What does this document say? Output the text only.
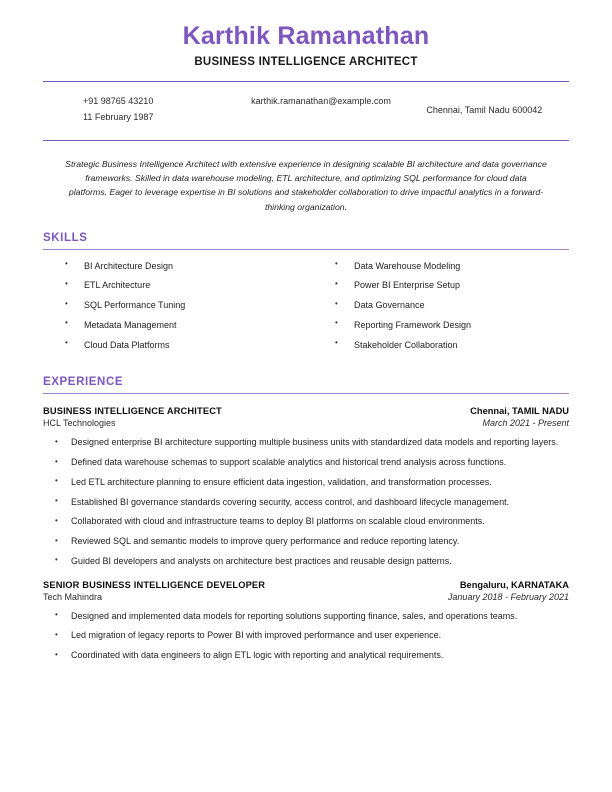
Karthik Ramanathan
BUSINESS INTELLIGENCE ARCHITECT
+91 98765 43210
11 February 1987
karthik.ramanathan@example.com
Chennai, Tamil Nadu 600042
Strategic Business Intelligence Architect with extensive experience in designing scalable BI architecture and data governance frameworks. Skilled in data warehouse modeling, ETL architecture, and optimizing SQL performance for cloud data platforms. Eager to leverage expertise in BI solutions and stakeholder collaboration to drive impactful analytics in a forward-thinking organization.
SKILLS
• BI Architecture Design
• ETL Architecture
• SQL Performance Tuning
• Metadata Management
• Cloud Data Platforms
• Data Warehouse Modeling
• Power BI Enterprise Setup
• Data Governance
• Reporting Framework Design
• Stakeholder Collaboration
EXPERIENCE
BUSINESS INTELLIGENCE ARCHITECT	Chennai, TAMIL NADU
HCL Technologies	March 2021 - Present
• Designed enterprise BI architecture supporting multiple business units with standardized data models and reporting layers.
• Defined data warehouse schemas to support scalable analytics and historical trend analysis across functions.
• Led ETL architecture planning to ensure efficient data ingestion, validation, and transformation processes.
• Established BI governance standards covering security, access control, and dashboard lifecycle management.
• Collaborated with cloud and infrastructure teams to deploy BI platforms on scalable cloud environments.
• Reviewed SQL and semantic models to improve query performance and reduce reporting latency.
• Guided BI developers and analysts on architecture best practices and reusable design patterns.
SENIOR BUSINESS INTELLIGENCE DEVELOPER	Bengaluru, KARNATAKA
Tech Mahindra	January 2018 - February 2021
• Designed and implemented data models for reporting solutions supporting finance, sales, and operations teams.
• Led migration of legacy reports to Power BI with improved performance and user experience.
• Coordinated with data engineers to align ETL logic with reporting and analytical requirements.
